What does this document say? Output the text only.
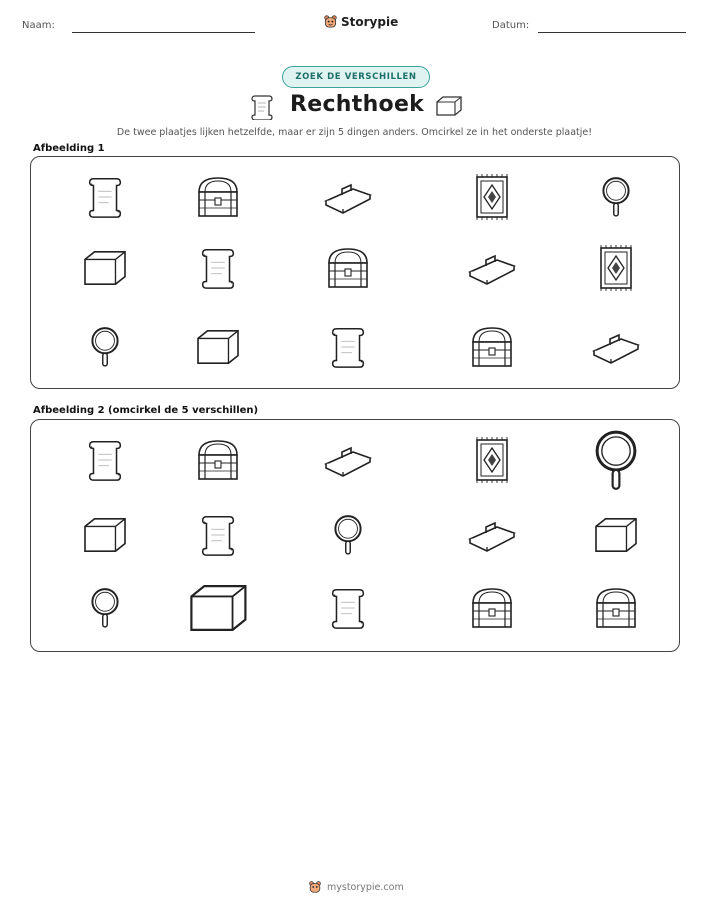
Naam:	Storypie	Datum:
ZOEK DE VERSCHILLEN
Rechthoek
De twee plaatjes lijken hetzelfde, maar er zijn 5 dingen anders. Omcirkel ze in het onderste plaatje!
Afbeelding 1
Afbeelding 2 (omcirkel de 5 verschillen)
mystorypie.com
